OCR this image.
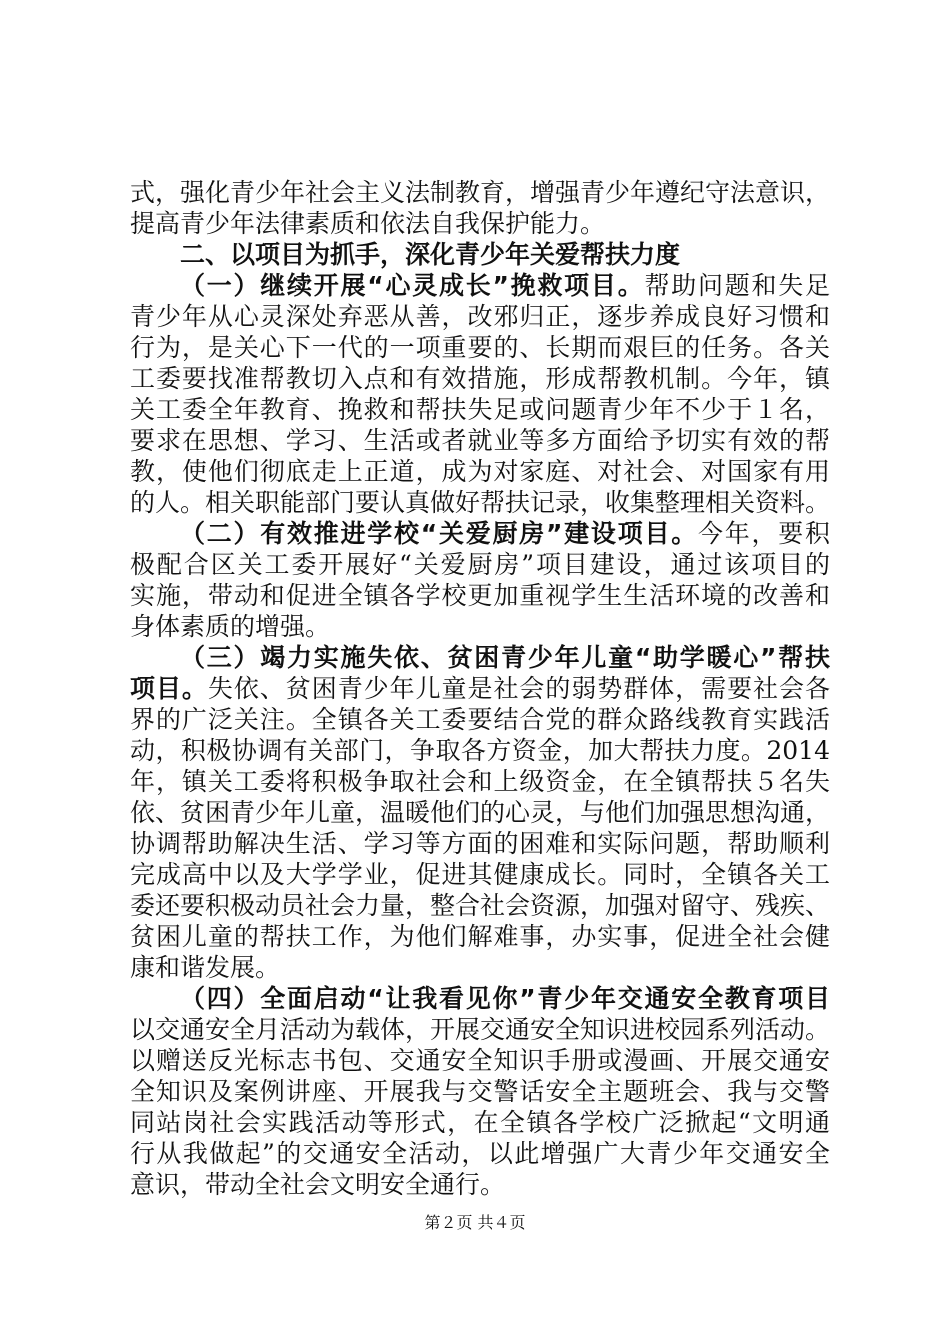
式，强化青少年社会主义法制教育，增强青少年遵纪守法意识，
提高青少年法律素质和依法自我保护能力。
二、以项目为抓手，深化青少年关爱帮扶力度
（一）继续开展“心灵成长”挽救项目。帮助问题和失足
青少年从心灵深处弃恶从善，改邪归正，逐步养成良好习惯和
行为，是关心下一代的一项重要的、长期而艰巨的任务。各关
工委要找准帮教切入点和有效措施，形成帮教机制。今年，镇
关工委全年教育、挽救和帮扶失足或问题青少年不少于１名，
要求在思想、学习、生活或者就业等多方面给予切实有效的帮
教，使他们彻底走上正道，成为对家庭、对社会、对国家有用
的人。相关职能部门要认真做好帮扶记录，收集整理相关资料。
（二）有效推进学校“关爱厨房”建设项目。今年，要积
极配合区关工委开展好“关爱厨房”项目建设，通过该项目的
实施，带动和促进全镇各学校更加重视学生生活环境的改善和
身体素质的增强。
（三）竭力实施失依、贫困青少年儿童“助学暖心”帮扶
项目。失依、贫困青少年儿童是社会的弱势群体，需要社会各
界的广泛关注。全镇各关工委要结合党的群众路线教育实践活
动，积极协调有关部门，争取各方资金，加大帮扶力度。2014
年，镇关工委将积极争取社会和上级资金，在全镇帮扶５名失
依、贫困青少年儿童，温暖他们的心灵，与他们加强思想沟通，
协调帮助解决生活、学习等方面的困难和实际问题，帮助顺利
完成高中以及大学学业，促进其健康成长。同时，全镇各关工
委还要积极动员社会力量，整合社会资源，加强对留守、残疾、
贫困儿童的帮扶工作，为他们解难事，办实事，促进全社会健
康和谐发展。
（四）全面启动“让我看见你”青少年交通安全教育项目
以交通安全月活动为载体，开展交通安全知识进校园系列活动。
以赠送反光标志书包、交通安全知识手册或漫画、开展交通安
全知识及案例讲座、开展我与交警话安全主题班会、我与交警
同站岗社会实践活动等形式，在全镇各学校广泛掀起“文明通
行从我做起”的交通安全活动，以此增强广大青少年交通安全
意识，带动全社会文明安全通行。
第２页 共４页
